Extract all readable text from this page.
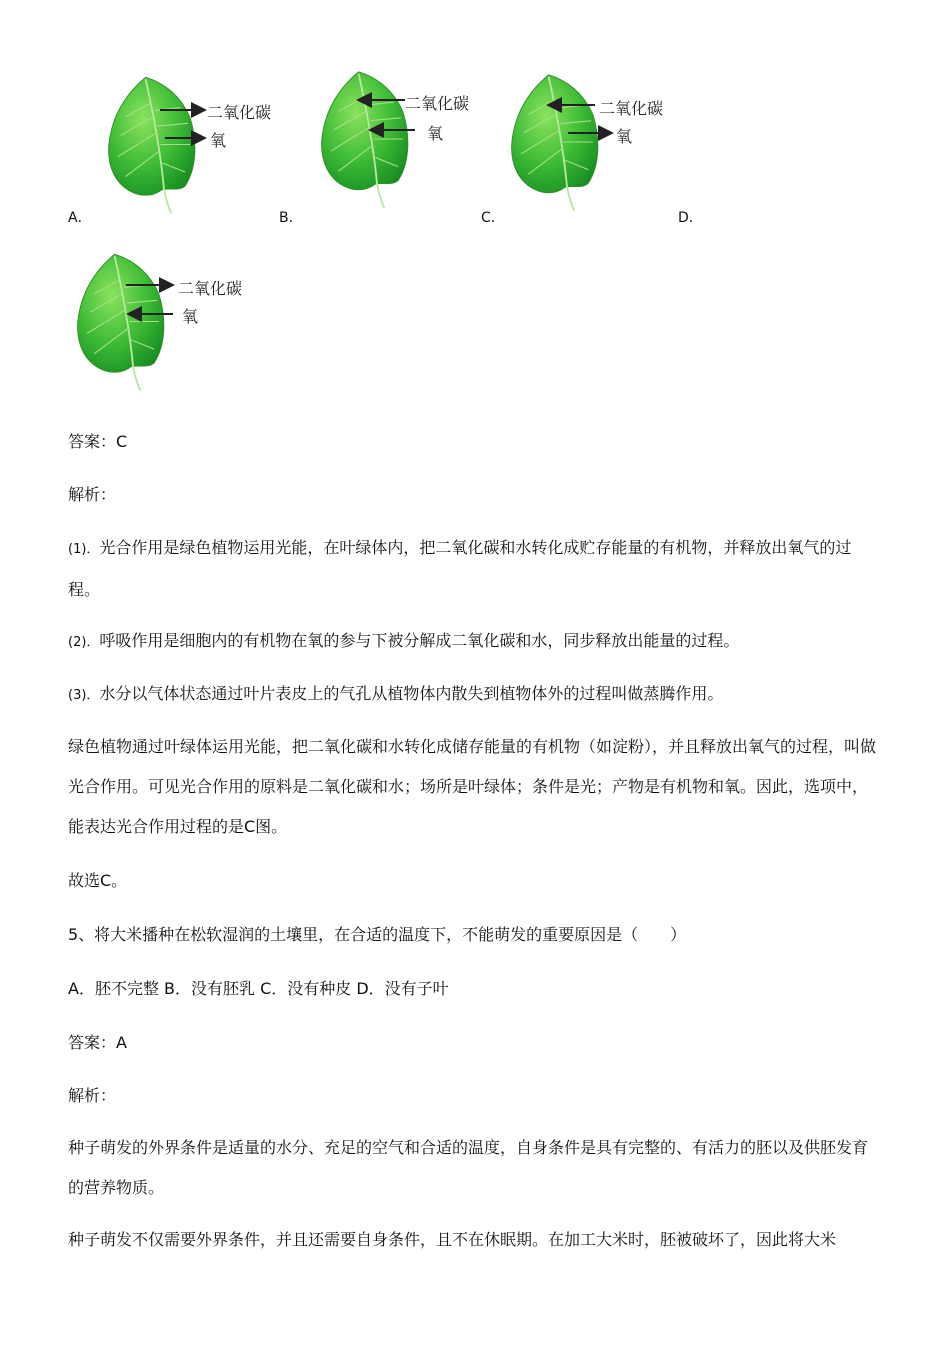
二氧化碳
氧
A．
二氧化碳
氧
B．
二氧化碳
氧
C．	D．
二氧化碳
氧

答案：C

解析：

(1)．光合作用是绿色植物运用光能，在叶绿体内，把二氧化碳和水转化成贮存能量的有机物，并释放出氧气的过程。

(2)．呼吸作用是细胞内的有机物在氧的参与下被分解成二氧化碳和水，同步释放出能量的过程。

(3)．水分以气体状态通过叶片表皮上的气孔从植物体内散失到植物体外的过程叫做蒸腾作用。

绿色植物通过叶绿体运用光能，把二氧化碳和水转化成储存能量的有机物（如淀粉），并且释放出氧气的过程，叫做光合作用。可见光合作用的原料是二氧化碳和水；场所是叶绿体；条件是光；产物是有机物和氧。因此，选项中，能表达光合作用过程的是C图。

故选C。

5、将大米播种在松软湿润的土壤里，在合适的温度下，不能萌发的重要原因是（　　）

A．胚不完整 B．没有胚乳 C．没有种皮 D．没有子叶

答案：A

解析：

种子萌发的外界条件是适量的水分、充足的空气和合适的温度，自身条件是具有完整的、有活力的胚以及供胚发育的营养物质。

种子萌发不仅需要外界条件，并且还需要自身条件，且不在休眠期。在加工大米时，胚被破坏了，因此将大米
